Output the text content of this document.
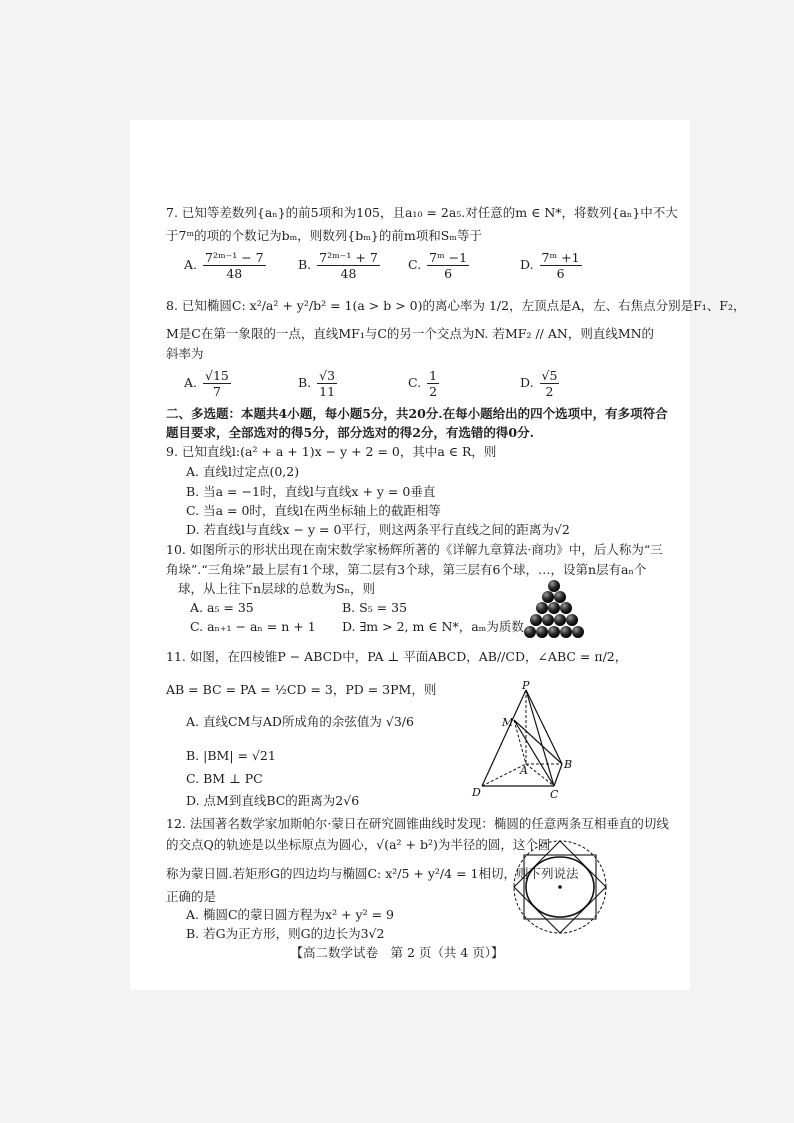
7. 已知等差数列{aₙ}的前5项和为105，且a₁₀ = 2a₅.对任意的m ∈ N*，将数列{aₙ}中不大
于7ᵐ的项的个数记为bₘ，则数列{bₘ}的前m项和Sₘ等于
A. $\frac{\text{7²ᵐ⁻¹ − 7}}{48}$	B. $\frac{\text{7²ᵐ⁻¹ + 7}}{48} C$. $\frac{\text{7ᵐ −1}}{6}$	D. $\frac{\text{7ᵐ +1}}{6}$
8. 已知椭圆C: x²/a² + y²/b² = 1(a > b > 0)的离心率为 1/2，左顶点是A，左、右焦点分别是F₁、F₂，
M是C在第一象限的一点，直线MF₁与C的另一个交点为N. 若MF₂ // AN，则直线MN的
斜率为
A. $\frac{√15}{7}$	B. $\frac{√3}{11}$	C. $\frac{1}{2}$	D. $\frac{√5}{2}$
二、多选题：本题共4小题，每小题5分，共20分.在每小题给出的四个选项中，有多项符合
题目要求，全部选对的得5分，部分选对的得2分，有选错的得0分.
9. 已知直线l:(a² + a + 1)x − y + 2 = 0，其中a ∈ R，则
A. 直线l过定点(0,2)
B. 当a = −1时，直线l与直线x + y = 0垂直
C. 当a = 0时，直线l在两坐标轴上的截距相等
D. 若直线l与直线x − y = 0平行，则这两条平行直线之间的距离为√2
10. 如图所示的形状出现在南宋数学家杨辉所著的《详解九章算法·商功》中，后人称为“三
角垛”.“三角垛”最上层有1个球，第二层有3个球，第三层有6个球，…，设第n层有aₙ个
球，从上往下n层球的总数为Sₙ，则
A. a₅ = 35	B. S₅ = 35
C. aₙ₊₁ − aₙ = n + 1 D. ∃m > 2, m ∈ N*，aₘ为质数
11. 如图，在四棱锥P − ABCD中，PA ⊥ 平面ABCD，AB//CD，∠ABC = π/2，
AB = BC = PA = ½CD = 3，PD = 3PM，则
A. 直线CM与AD所成角的余弦值为 √3/6
B. |BM| = √21
C. BM ⊥ PC
D. 点M到直线BC的距离为2√6
P
M
A	B
C
D
12. 法国著名数学家加斯帕尔·蒙日在研究圆锥曲线时发现：椭圆的任意两条互相垂直的切线
的交点Q的轨迹是以坐标原点为圆心，√(a² + b²)为半径的圆，这个圆
称为蒙日圆.若矩形G的四边均与椭圆C: x²/5 + y²/4 = 1相切，则下列说法
正确的是
A. 椭圆C的蒙日圆方程为x² + y² = 9
B. 若G为正方形，则G的边长为3√2
【高二数学试卷　第 2 页（共 4 页）】
